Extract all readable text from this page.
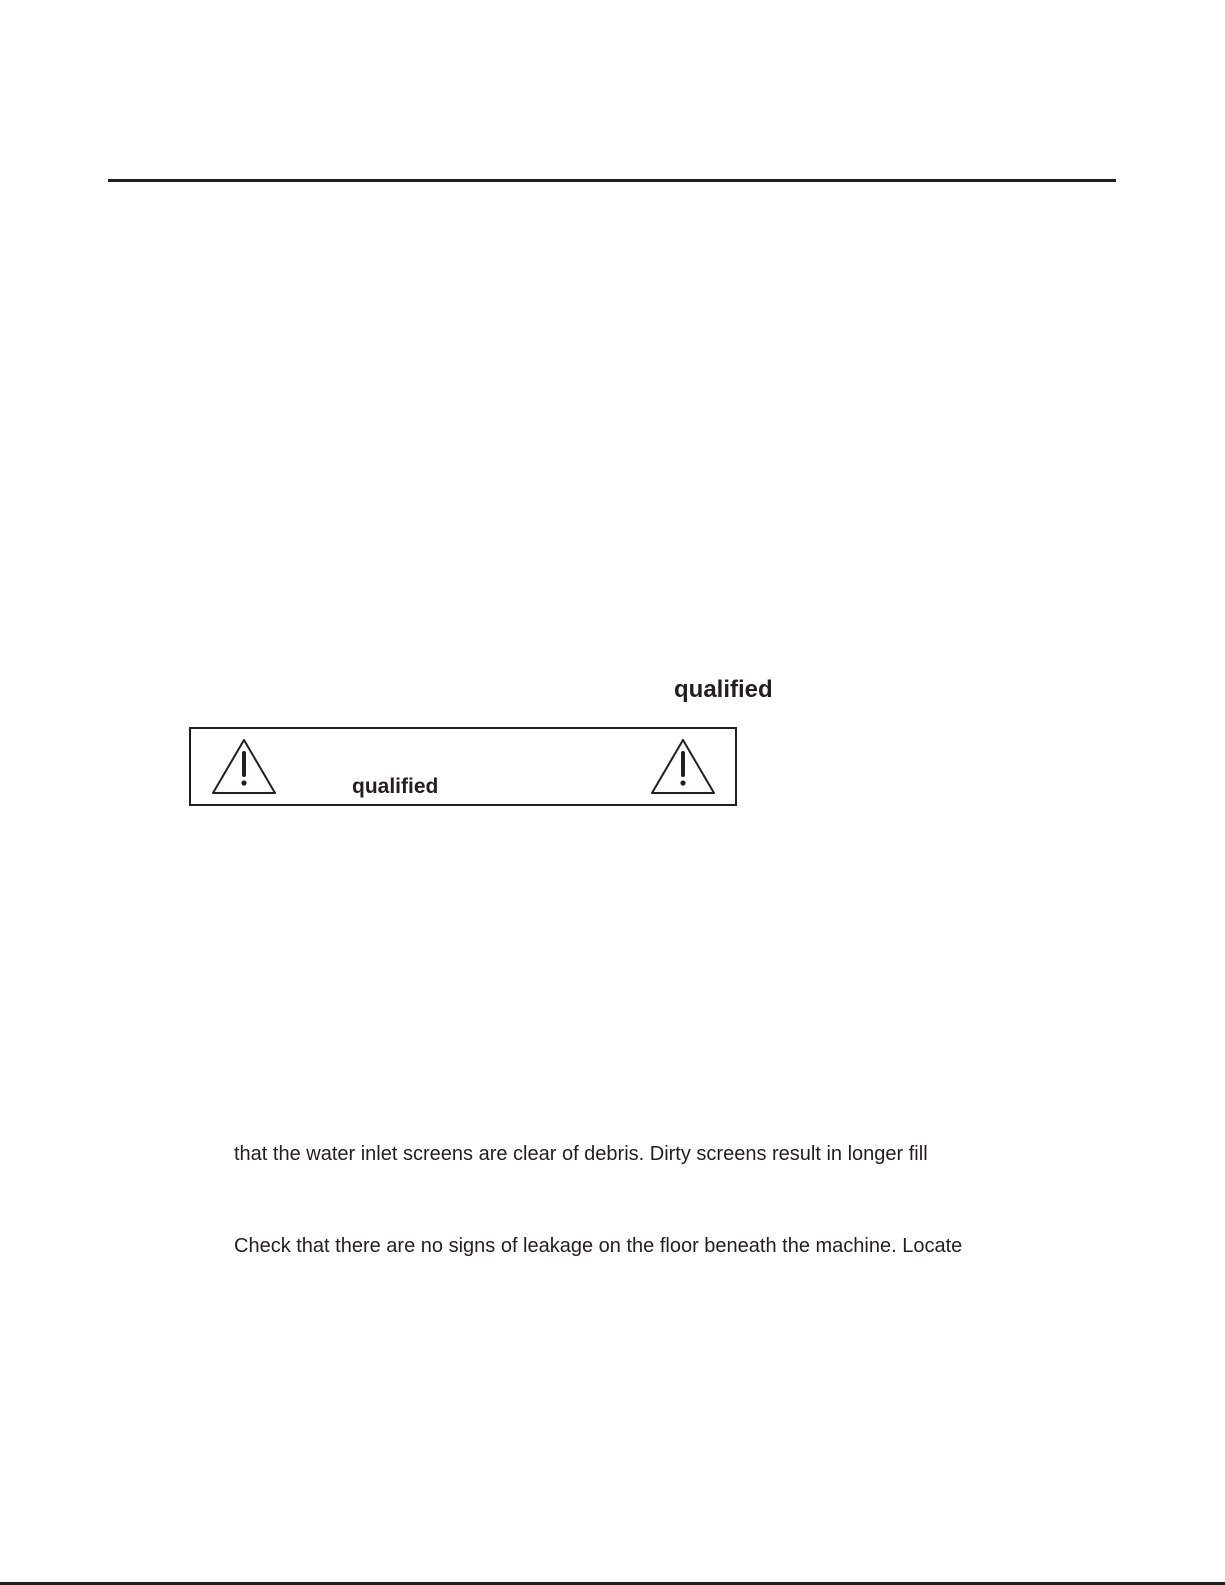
qualified
qualified
that the water inlet screens are clear of debris. Dirty screens result in longer fill
Check that there are no signs of leakage on the floor beneath the machine. Locate
